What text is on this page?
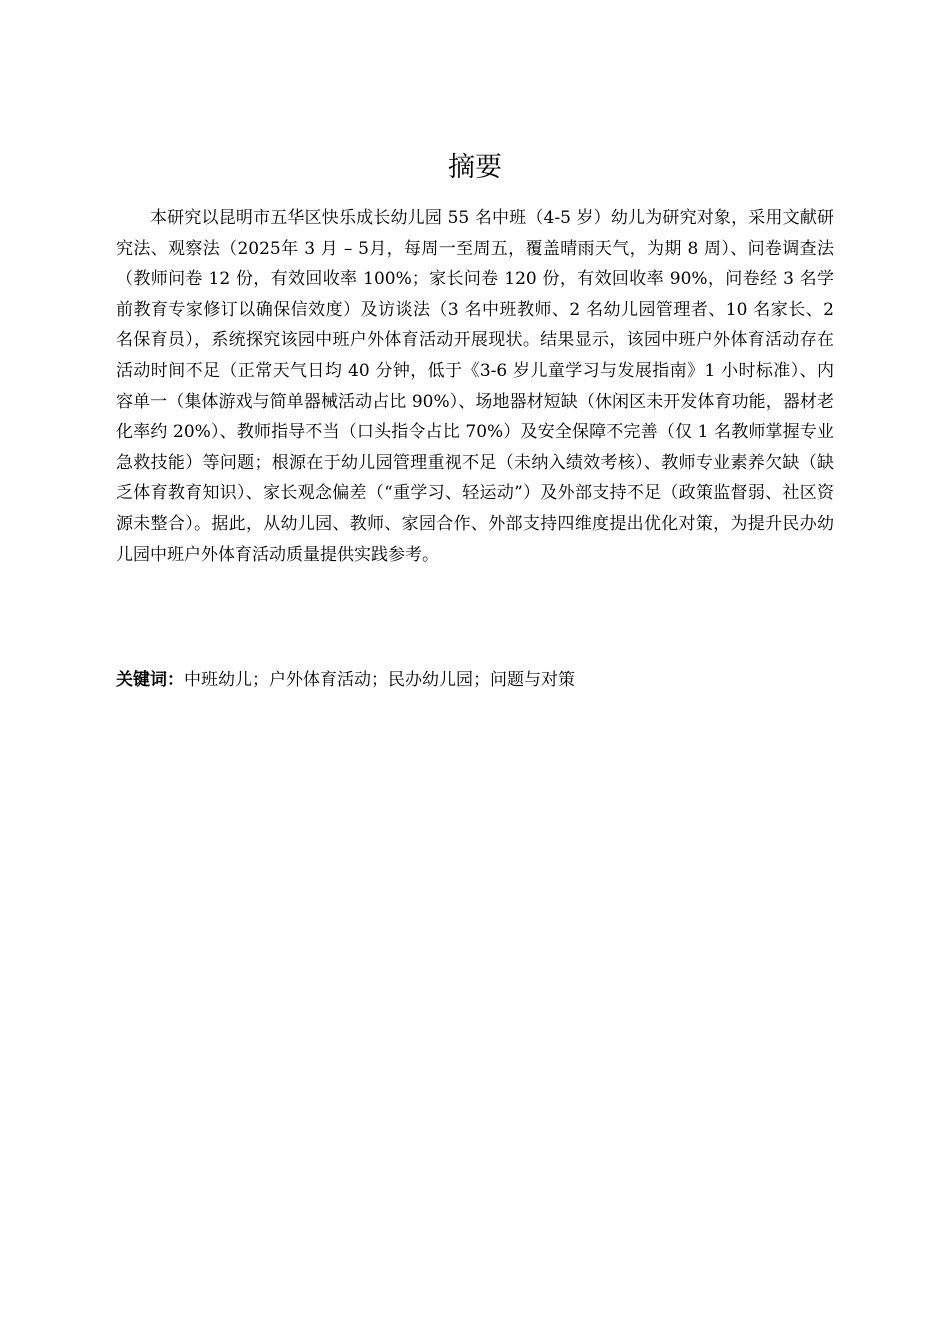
摘要

本研究以昆明市五华区快乐成长幼儿园 55 名中班（4-5 岁）幼儿为研究对象，采用文献研究法、观察法（2025年 3 月 – 5月，每周一至周五，覆盖晴雨天气，为期 8 周）、问卷调查法（教师问卷 12 份，有效回收率 100%；家长问卷 120 份，有效回收率 90%，问卷经 3 名学前教育专家修订以确保信效度）及访谈法（3 名中班教师、2 名幼儿园管理者、10 名家长、2 名保育员），系统探究该园中班户外体育活动开展现状。结果显示，该园中班户外体育活动存在活动时间不足（正常天气日均 40 分钟，低于《3-6 岁儿童学习与发展指南》1 小时标准）、内容单一（集体游戏与简单器械活动占比 90%）、场地器材短缺（休闲区未开发体育功能，器材老化率约 20%）、教师指导不当（口头指令占比 70%）及安全保障不完善（仅 1 名教师掌握专业急救技能）等问题；根源在于幼儿园管理重视不足（未纳入绩效考核）、教师专业素养欠缺（缺乏体育教育知识）、家长观念偏差（“重学习、轻运动”）及外部支持不足（政策监督弱、社区资源未整合）。据此，从幼儿园、教师、家园合作、外部支持四维度提出优化对策，为提升民办幼儿园中班户外体育活动质量提供实践参考。

关键词：中班幼儿；户外体育活动；民办幼儿园；问题与对策
